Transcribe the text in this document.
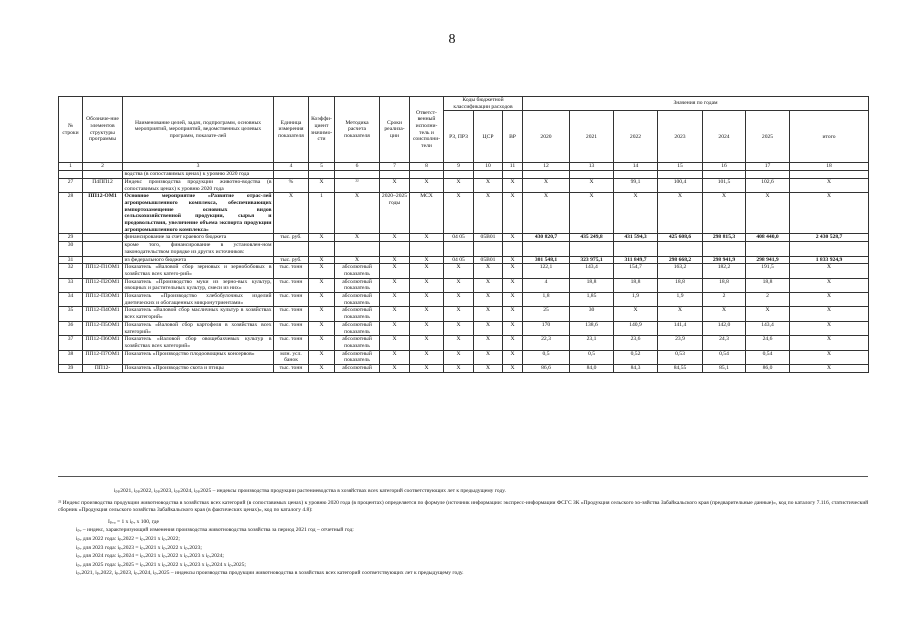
8
№ строки	Обозначе-ние элементов структуры программы	Наименование целей, задач, подпрограмм, основных мероприятий, мероприятий, ведомственных целевых программ, показате-лей	Единица измерения показателя	Коэффи-циент значимо-сти	Методика расчета показателя	Сроки реализа-ции	Ответст-венный исполни-тель и соисполни-тели	Коды бюджетной классификации расходов			Значения по годам						
								РЗ, ПРЗ	ЦСР	ВР	2020	2021	2022	2023	2024	2025	итого
1	2	3	4	5	6	7	8	9	10	11	12	13	14	15	16	17	18
		водства (в сопоставимых ценах) к уровню 2020 года															
27	П4ПП12	Индекс производства продукции животно-водства (в сопоставимых ценах) к уровню 2020 года	%	Х	²²	Х	Х	Х	Х	Х	Х	Х	99,1	100,4	101,5	102,6	Х
28	ПП12-ОМ1	Основное мероприятие «Развитие отрас-лей агропромышленного комплекса, обеспечивающих импортозамещение основных видов сельскохозяйственной продукции, сырья и продовольствия, увеличение объема экспорта продукции агропромышленного комплекса»	Х	1	Х	2020–2025 годы	МСХ	Х	Х	Х	Х	Х	Х	Х	Х	Х	Х
29		финансирование за счет краевого бюджета	тыс. руб.	Х	Х	Х	Х	04 05	05В01	Х	430 820,7	435 249,8	431 594,3	425 608,6	298 815,3	408 440,0	2 430 528,7
30		кроме того, финансирование в установлен-ном законодательством порядке из других источников:															
31		из федерального бюджета	тыс. руб.	Х	Х	Х	Х	04 05	05В01	Х	301 548,1	323 975,1	311 849,7	298 668,2	298 941,9	298 941,9	1 833 924,9
32	ПП12-П1ОМ1	Показатель «Валовой сбор зерновых и зернобобовых в хозяйствах всех катего-рий»	тыс. тонн	Х	абсолютный показатель	Х	Х	Х	Х	Х	122,1	143,4	154,7	163,2	182,2	191,5	Х
33	ПП12-П2ОМ1	Показатель «Производство муки из зерно-вых культур, овощных и растительных культур, смеси из них»	тыс. тонн	Х	абсолютный показатель	Х	Х	Х	Х	Х	4	18,8	18,8	18,8	18,8	18,8	Х
34	ПП12-П3ОМ1	Показатель «Производство хлебобулочных изделий диетических и обогащенных микронутриентами»	тыс. тонн	Х	абсолютный показатель	Х	Х	Х	Х	Х	1,8	1,85	1,9	1,9	2	2	Х
35	ПП12-П4ОМ1	Показатель «Валовой сбор масличных культур в хозяйствах всех категорий»	тыс. тонн	Х	абсолютный показатель	Х	Х	Х	Х	Х	25	30	Х	Х	Х	Х	Х
36	ПП12-П5ОМ1	Показатель «Валовой сбор картофеля в хозяйствах всех категорий»	тыс. тонн	Х	абсолютный показатель	Х	Х	Х	Х	Х	170	138,6	140,9	141,4	142,0	143,4	Х
37	ПП12-П6ОМ1	Показатель «Валовой сбор овощебахчевых культур в хозяйствах всех категорий»	тыс. тонн	Х	абсолютный показатель	Х	Х	Х	Х	Х	22,3	23,1	23,6	23,9	24,3	24,6	Х
38	ПП12-П7ОМ1	Показатель «Производство плодоовощных консервов»	млн. усл. банок	Х	абсолютный показатель	Х	Х	Х	Х	Х	0,5	0,5	0,52	0,53	0,54	0,54	Х
39	ПП12-	Показатель «Производство скота и птицы	тыс. тонн	Х	абсолютный	Х	Х	Х	Х	Х	86,6	84,0	84,3	84,55	85,1	86,0	Х
iₚₚ2021, iₚₚ2022, iₚₚ2023, iₚₚ2024, iₚₚ2025 – индексы производства продукции растениеводства в хозяйствах всех категорий соответствующих лет к предыдущему году.
²² Индекс производства продукции животноводства в хозяйствах всех категорий (в сопоставимых ценах) к уровню 2020 года (в процентах) определяется по формуле (источник информации: экспресс-информации ФСГС ЗК «Продукция сельского хо-зяйства Забайкальского края (предварительные данные)», код по каталогу 7.116, статистический сборник «Продукция сельского хозяйства Забайкальского края (в фактических ценах)», код по каталогу 4.8):
Iₚᵥᵤ = 1 х iₚᵥ х 100, где
iₚᵥ – индекс, характеризующий изменения производства животноводства хозяйства за период 2021 год – отчетный год:
iₚᵥ для 2022 года: iₚᵥ2022 = iₚᵥ2021 х iₚᵥ2022;
iₚᵥ для 2023 года: iₚᵥ2023 = iₚᵥ2021 х iₚᵥ2022 х iₚᵥ2023;
iₚᵥ для 2024 года: iₚᵥ2024 = iₚᵥ2021 х iₚᵥ2022 х iₚᵥ2023 х iₚᵥ2024;
iₚᵥ для 2025 года: iₚᵥ2025 = iₚᵥ2021 х iₚᵥ2022 х iₚᵥ2023 х iₚᵥ2024 х iₚᵥ2025;
iₚᵥ2021, iₚᵥ2022, iₚᵥ2023, iₚᵥ2024, iₚᵥ2025 – индексы производства продукции животноводства в хозяйствах всех категорий соответствующих лет к предыдущему году.
